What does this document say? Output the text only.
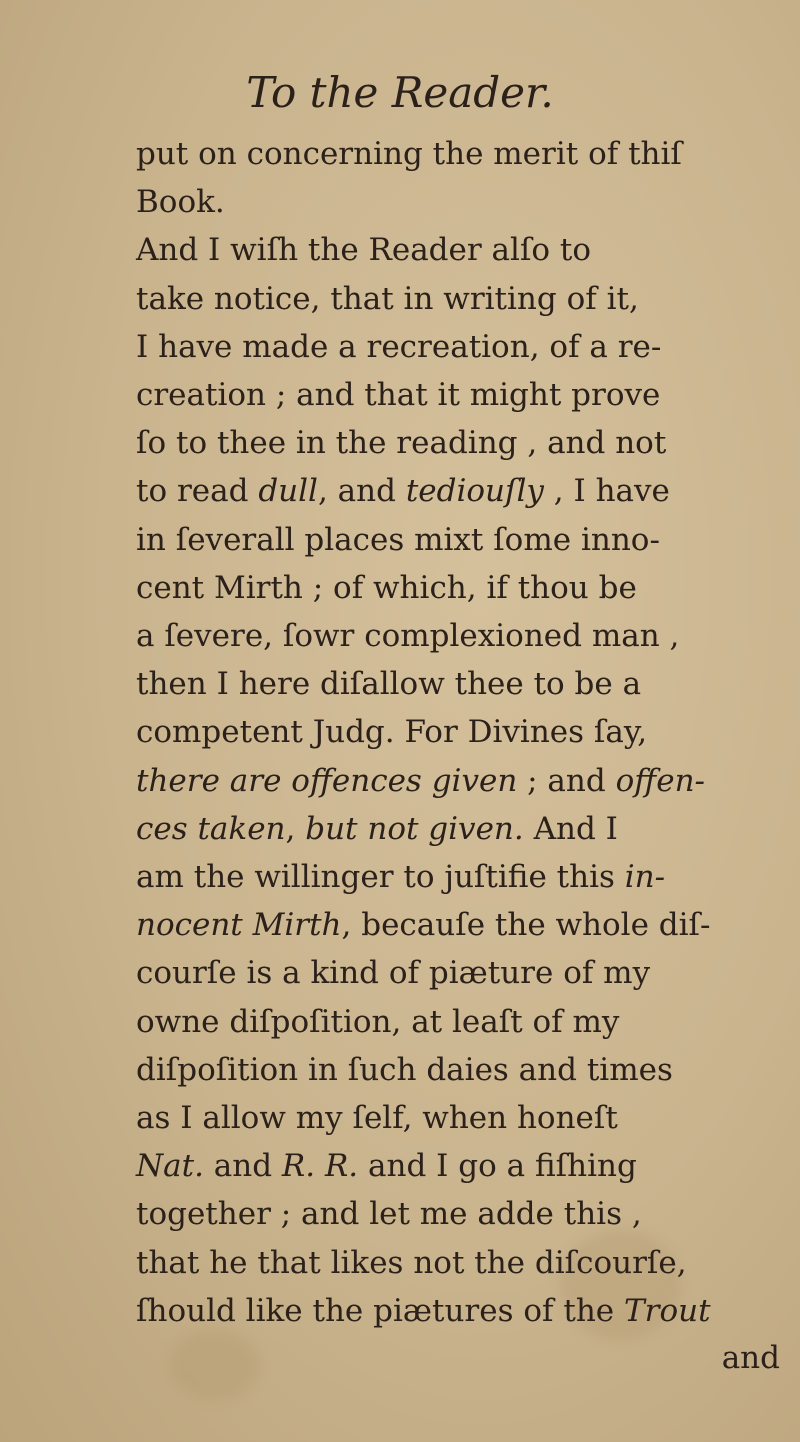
To the Reader.
put on concerning the merit of thiſ
Book.
And I wiſh the Reader alſo to
take notice, that in writing of it,
I have made a recreation, of a re-
creation ; and that it might prove
ſo to thee in the reading , and not
to read dull, and tediouſly , I have
in ſeverall places mixt ſome inno-
cent Mirth ; of which, if thou be
a ſevere, ſowr complexioned man ,
then I here diſallow thee to be a
competent Judg. For Divines ſay,
there are offences given ; and offen-
ces taken, but not given. And I
am the willinger to juſtifie this in-
nocent Mirth, becauſe the whole diſ-
courſe is a kind of piæture of my
owne diſpoſition, at leaſt of my
diſpoſition in ſuch daies and times
as I allow my ſelf, when honeſt
Nat. and R. R. and I go a fiſhing
together ; and let me adde this ,
that he that likes not the diſcourſe,
ſhould like the piætures of the Trout
and
